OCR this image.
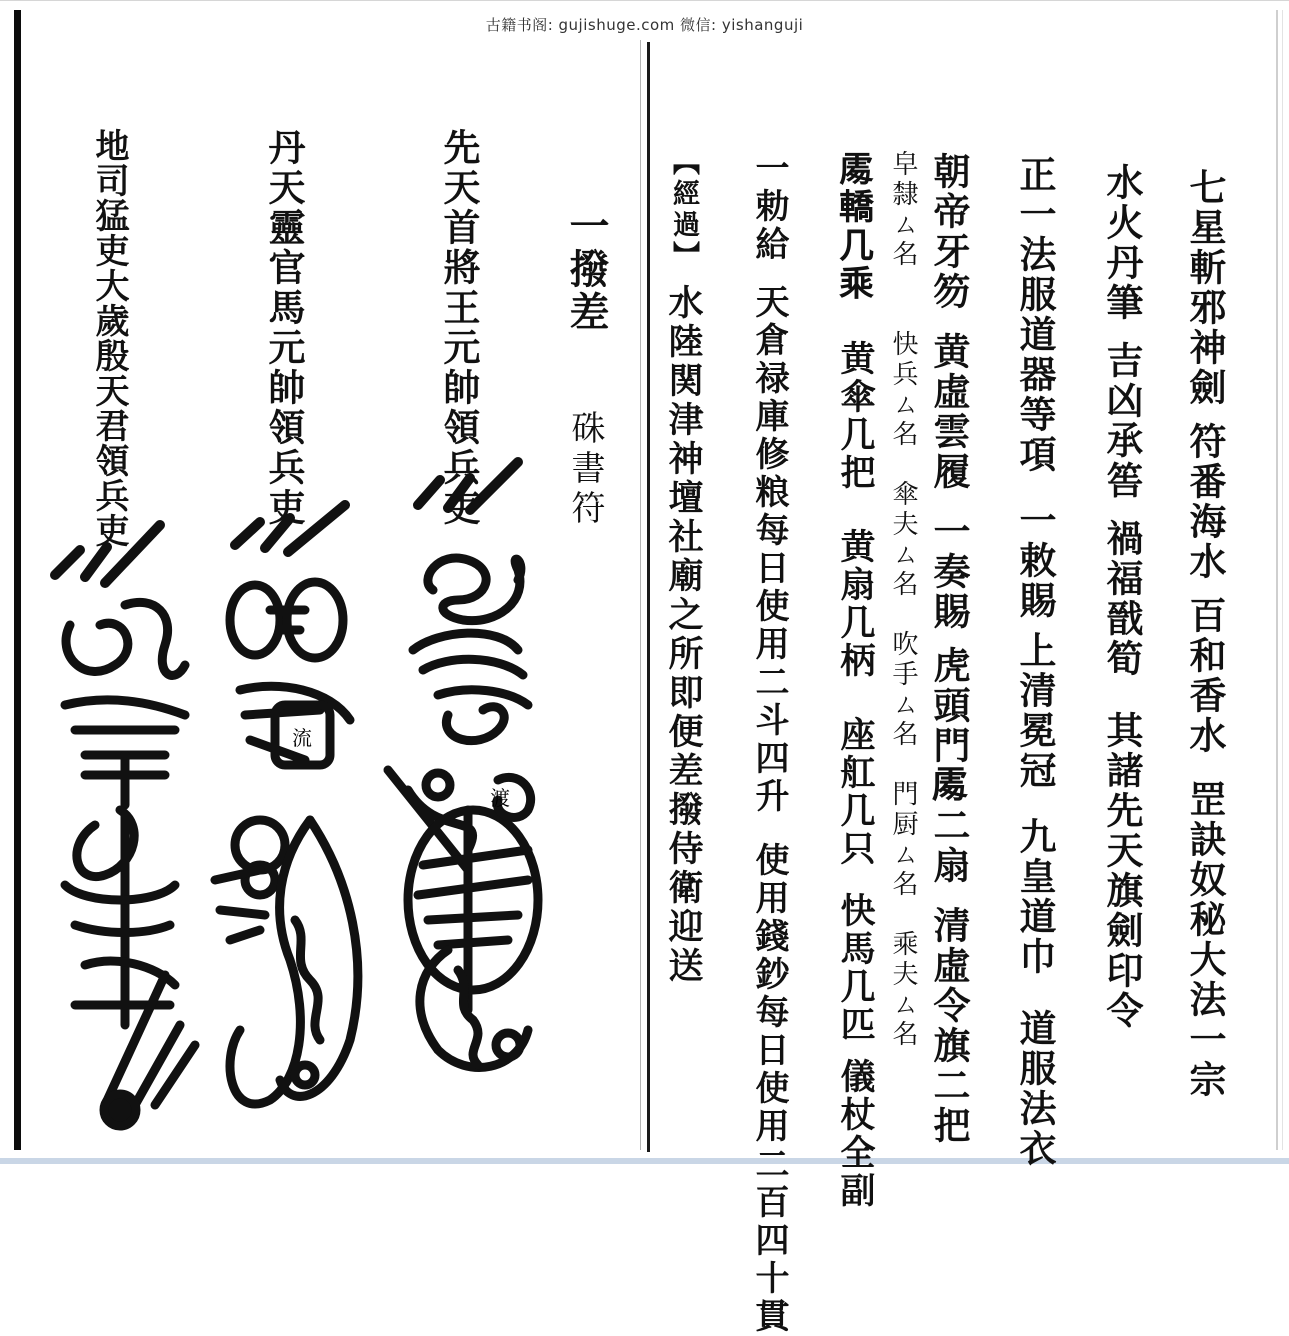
古籍书阁: gujishuge.com 微信: yishanguji
七星斬邪神劍符番海水百和香水罡訣奴秘大法一宗
水火丹筆吉凶𠄘筶禍福戩筍其諸先天旗劍印令
正一法服道器等項一敕賜上清冕冠九皇道巾道服法衣
朝帝牙笏黄虛雲履一奏賜虎頭門𠁅二扇清虛令旗二把
皁隸ㄙ名快兵ㄙ名傘夫ㄙ名吹手ㄙ名門厨ㄙ名乘夫ㄙ名
𠁅轎几乘黄傘几把黄扇几柄座舡几只快馬几匹儀杖全副
一勅給天倉禄庫修粮每日使用二斗四升使用錢鈔每日使用二百四十貫
【經過】水陸関津神壇社廟之所即便差撥侍衛迎送
一撥差
硃書符
先天首將王元帥領兵吏
丹天靈官馬元帥領兵吏
地司猛吏大歲殷天君領兵吏
渡
流
